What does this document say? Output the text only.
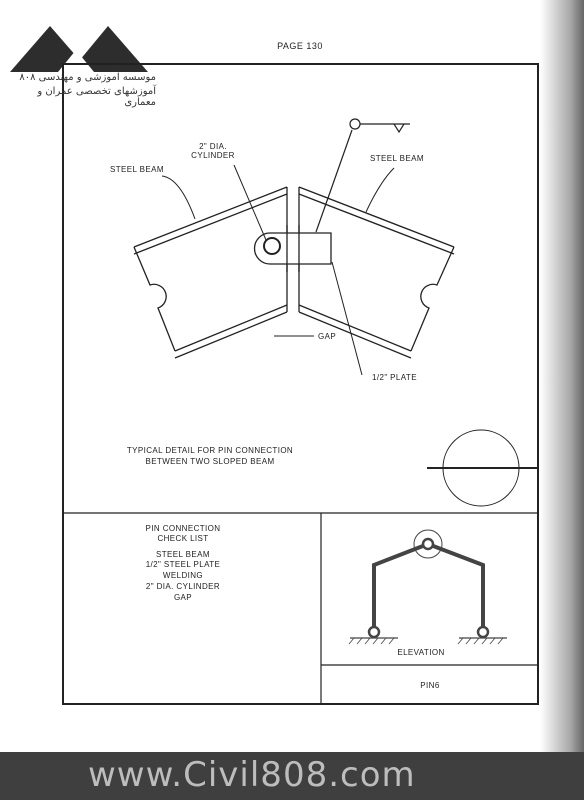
PAGE 130
2" DIA.
CYLINDER
STEEL BEAM
STEEL BEAM
GAP
1/2" PLATE
TYPICAL DETAIL FOR PIN CONNECTION
BETWEEN TWO SLOPED BEAM
PIN CONNECTION
CHECK LIST
STEEL BEAM
1/2" STEEL PLATE
WELDING
2" DIA. CYLINDER
GAP
ELEVATION
PIN6
موسسه آموزشی و مهندسی ۸۰۸
آموزشهای تخصصی عمران و معماری
www.Civil808.com
